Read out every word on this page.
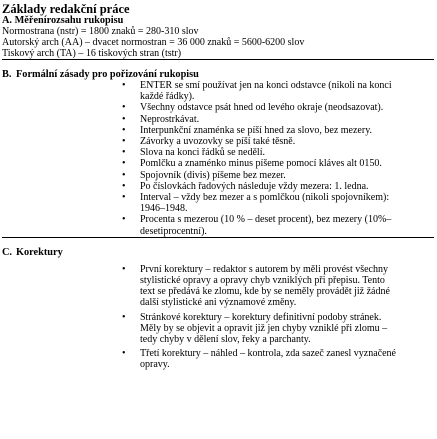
Základy redakční práce

A. Měřenírozsahu rukopisu

Normostrana (nstr) = 1800 znaků = 280-310 slov

Autorský arch (AA) – dvacet normostran = 36 000 znaků = 5600-6200 slov

Tiskový arch (TA) – 16 tiskových stran (tstr)

B. Formální zásady pro pořizování rukopisu

• ENTER se smí používat jen na konci odstavce (nikoli na konci
každé řádky).
• Všechny odstavce psát hned od levého okraje (neodsazovat).
• Neprostrkávat.
• Interpunkční znaménka se píší hned za slovo, bez mezery.
• Závorky a uvozovky se píší také těsně.
• Slova na konci řádků se nedělí.
• Pomlčku a znaménko minus píšeme pomocí kláves alt 0150.
• Spojovník (divis) píšeme bez mezer.
• Po číslovkách řadových následuje vždy mezera: 1. ledna.
• Interval – vždy bez mezer a s pomlčkou (nikoli spojovníkem):
1946–1948.
• Procenta s mezerou (10 % – deset procent), bez mezery (10%–
desetiprocentní).

C. Korektury

• První korektury – redaktor s autorem by měli provést všechny
stylistické opravy a opravy chyb vzniklých při přepisu. Tento
text se předává ke zlomu, kde by se neměly provádět již žádné
další stylistické ani významové změny.
• Stránkové korektury – korektury definitivní podoby stránek.
Měly by se objevit a opravit již jen chyby vzniklé při zlomu –
tedy chyby v dělení slov, řeky a parchanty.
• Třetí korektury – náhled – kontrola, zda sazeč zanesl vyznačené
opravy.
